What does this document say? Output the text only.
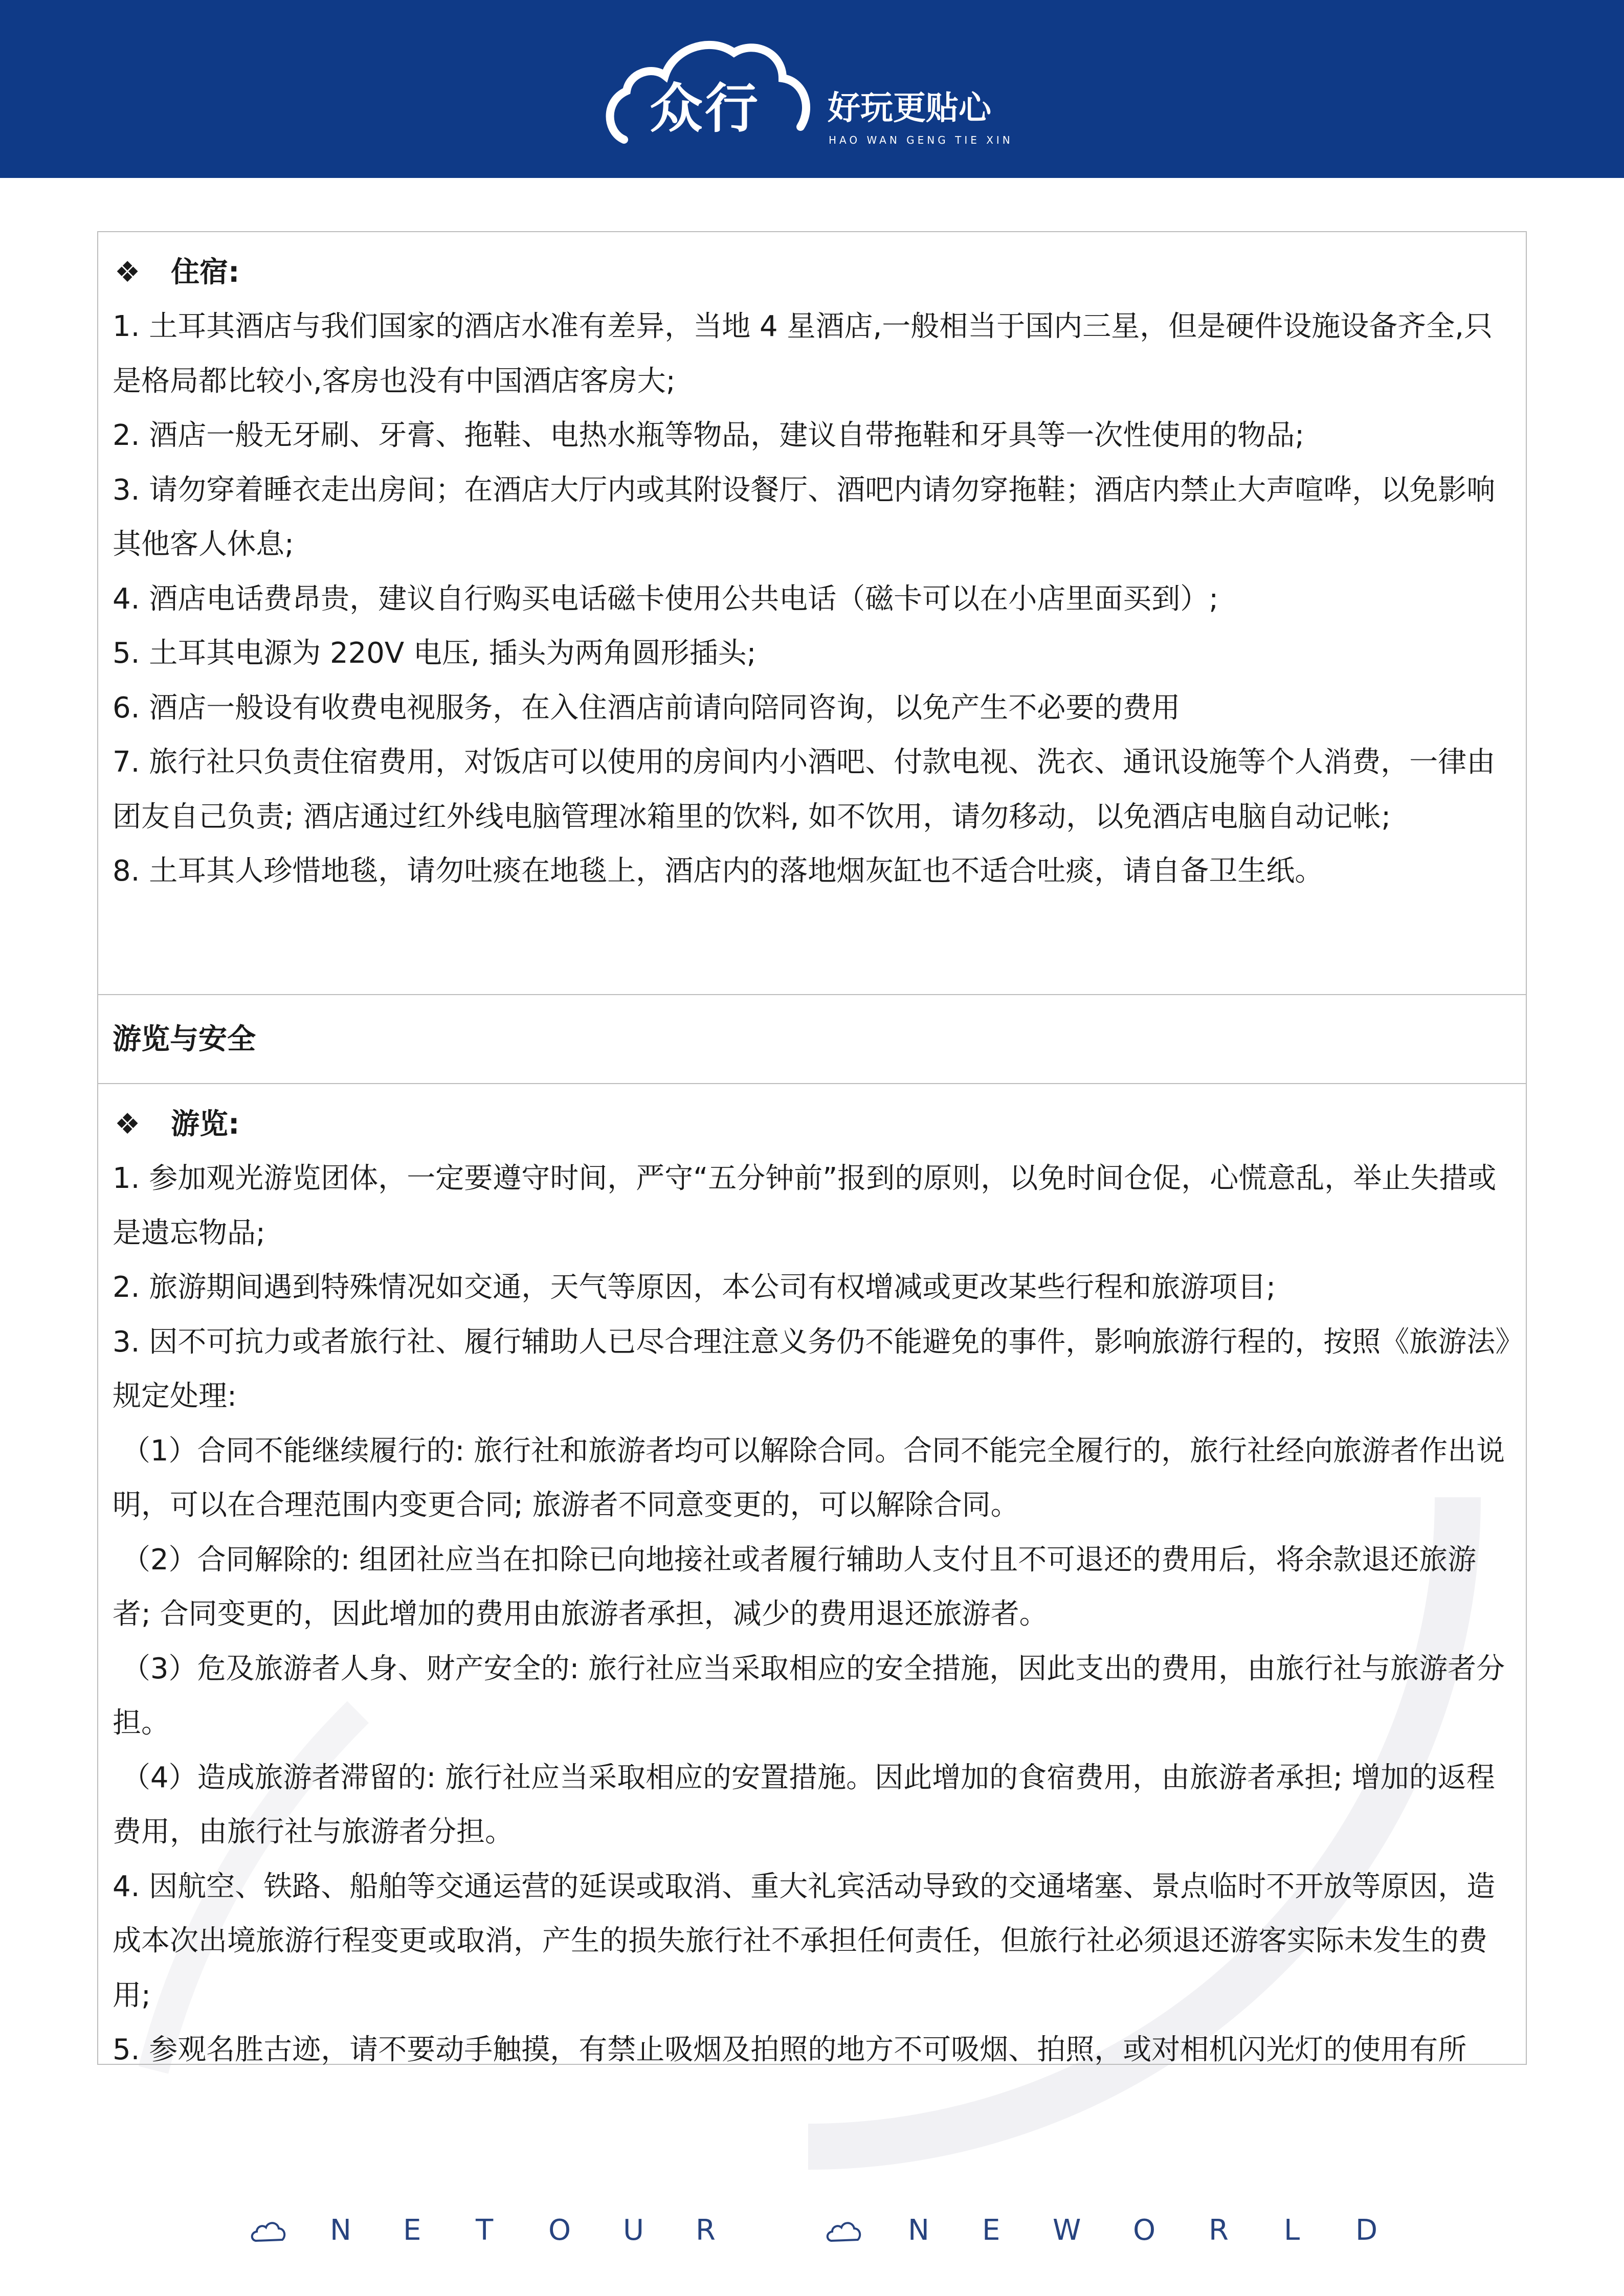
众行 好玩更贴心
HAO WAN GENG TIE XIN
❖ 住宿:
1. 土耳其酒店与我们国家的酒店水准有差异，当地 4 星酒店,一般相当于国内三星，但是硬件设施设备齐全,只是格局都比较小,客房也没有中国酒店客房大;
2. 酒店一般无牙刷、牙膏、拖鞋、电热水瓶等物品，建议自带拖鞋和牙具等一次性使用的物品;
3. 请勿穿着睡衣走出房间；在酒店大厅内或其附设餐厅、酒吧内请勿穿拖鞋；酒店内禁止大声喧哗，以免影响其他客人休息;
4. 酒店电话费昂贵，建议自行购买电话磁卡使用公共电话（磁卡可以在小店里面买到）;
5. 土耳其电源为 220V 电压, 插头为两角圆形插头;
6. 酒店一般设有收费电视服务，在入住酒店前请向陪同咨询，以免产生不必要的费用
7. 旅行社只负责住宿费用，对饭店可以使用的房间内小酒吧、付款电视、洗衣、通讯设施等个人消费，一律由团友自己负责; 酒店通过红外线电脑管理冰箱里的饮料, 如不饮用，请勿移动，以免酒店电脑自动记帐;
8. 土耳其人珍惜地毯，请勿吐痰在地毯上，酒店内的落地烟灰缸也不适合吐痰，请自备卫生纸。
游览与安全
❖ 游览:
1. 参加观光游览团体，一定要遵守时间，严守“五分钟前”报到的原则，以免时间仓促，心慌意乱，举止失措或是遗忘物品;
2. 旅游期间遇到特殊情况如交通，天气等原因，本公司有权增减或更改某些行程和旅游项目;
3. 因不可抗力或者旅行社、履行辅助人已尽合理注意义务仍不能避免的事件，影响旅游行程的，按照《旅游法》规定处理:
（1）合同不能继续履行的: 旅行社和旅游者均可以解除合同。合同不能完全履行的，旅行社经向旅游者作出说明，可以在合理范围内变更合同; 旅游者不同意变更的，可以解除合同。
（2）合同解除的: 组团社应当在扣除已向地接社或者履行辅助人支付且不可退还的费用后，将余款退还旅游者; 合同变更的，因此增加的费用由旅游者承担，减少的费用退还旅游者。
（3）危及旅游者人身、财产安全的: 旅行社应当采取相应的安全措施，因此支出的费用，由旅行社与旅游者分担。
（4）造成旅游者滞留的: 旅行社应当采取相应的安置措施。因此增加的食宿费用，由旅游者承担; 增加的返程费用，由旅行社与旅游者分担。
4. 因航空、铁路、船舶等交通运营的延误或取消、重大礼宾活动导致的交通堵塞、景点临时不开放等原因，造成本次出境旅游行程变更或取消，产生的损失旅行社不承担任何责任，但旅行社必须退还游客实际未发生的费用;
5. 参观名胜古迹，请不要动手触摸，有禁止吸烟及拍照的地方不可吸烟、拍照，或对相机闪光灯的使用有所
N E T O U R	N E W O R L D
